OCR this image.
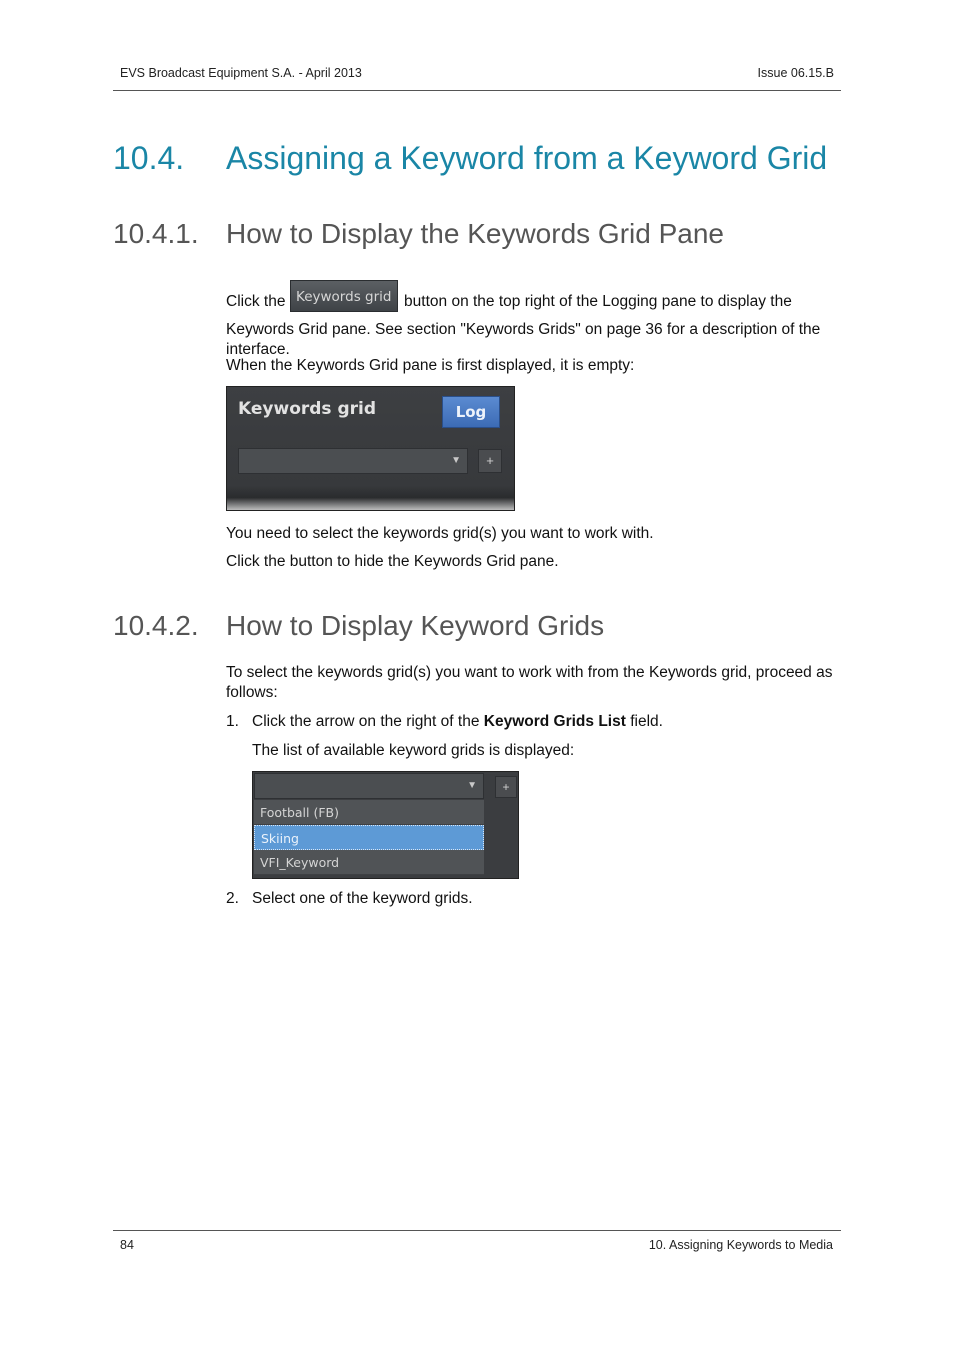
EVS Broadcast Equipment S.A. - April 2013	Issue 06.15.B
10.4. Assigning a Keyword from a Keyword Grid
10.4.1. How to Display the Keywords Grid Pane
Click the Keywords grid button on the top right of the Logging pane to display the Keywords Grid pane. See section "Keywords Grids" on page 36 for a description of the interface.
When the Keywords Grid pane is first displayed, it is empty:
Keywords grid	Log
▼	+
You need to select the keywords grid(s) you want to work with.
Click the button to hide the Keywords Grid pane.
10.4.2. How to Display Keyword Grids
To select the keywords grid(s) you want to work with from the Keywords grid, proceed as follows:
1. Click the arrow on the right of the Keyword Grids List field.
The list of available keyword grids is displayed:
▼	+
Football (FB)
Skiing
VFI_Keyword
2. Select one of the keyword grids.
84	10. Assigning Keywords to Media
